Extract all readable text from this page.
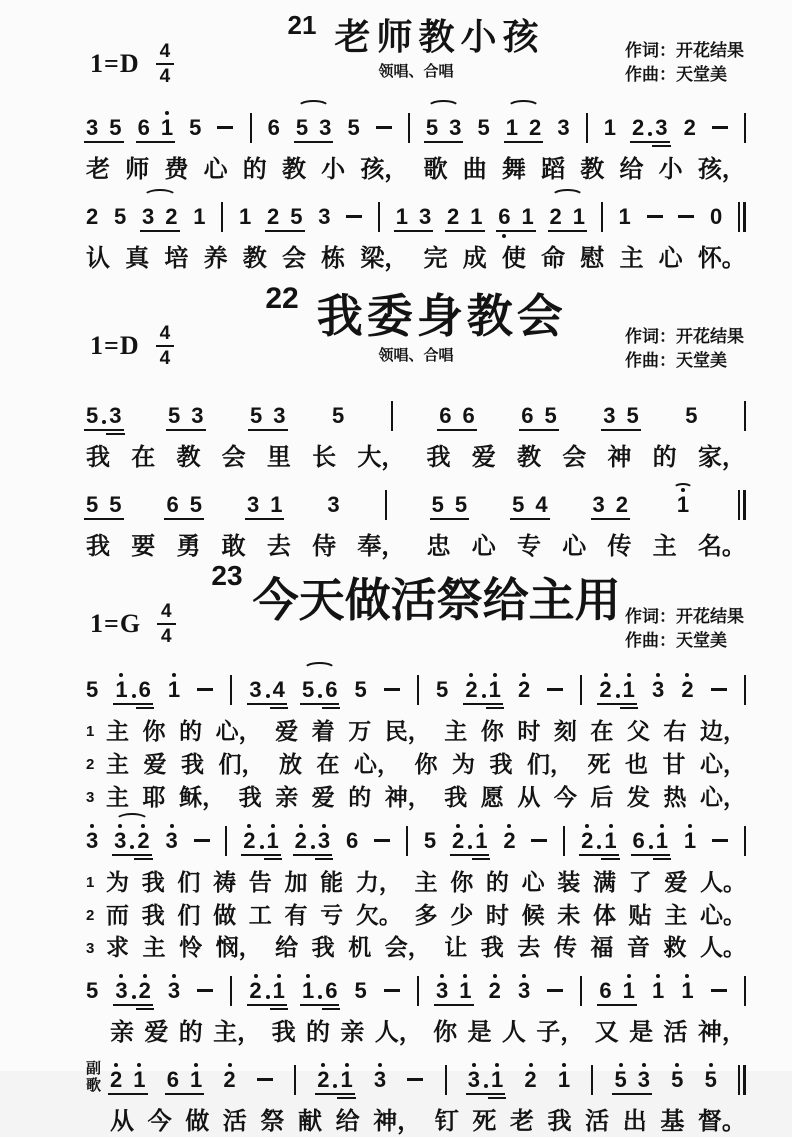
$1=D \frac{4}{4}$
21 老师教小孩
领唱、合唱
作词：开花结果
作曲：天堂美
3 5 6 1 5	6 5 3 5	5 3 5 1 2 3 1 2 3 2
老 师 费 心 的 教 小 孩， 歌 曲 舞 蹈 教 给 小 孩，
2 5 3 2 1 1 2 5 3	1 3 2 1 6 1 2 1 1	0
认 真 培 养 教 会 栋 梁， 完 成 使 命 慰 主 心 怀。
$1=D \frac{4}{4}$
22 我委身教会
领唱、合唱
作词：开花结果
作曲：天堂美
5 3 5 3 5 3 5	6 6 6 5 3 5 5
我 在 教 会 里 长 大， 我 爱 教 会 神 的 家，
5 5 6 5 3 1 3	5 5 5 4 3 2 1
我 要 勇 敢 去 侍 奉， 忠 心 专 心 传 主 名。
$1=G \frac{4}{4}$
23 今天做活祭给主用 作词：开花结果
作曲：天堂美
5 1 6 1	3 4 5 6 5	5 2 1 2	2 1 3 2
1 主 你 的 心， 爱 着 万 民， 主 你 时 刻 在 父 右 边，
2 主 爱 我 们， 放 在 心， 你 为 我 们， 死 也 甘 心，
3 主 耶 稣， 我 亲 爱 的 神， 我 愿 从 今 后 发 热 心，
3 3 2 3	2 1 2 3 6	5 2 1 2	2 1 6 1 1
1 为 我 们 祷 告 加 能 力， 主 你 的 心 装 满 了 爱 人。
2 而 我 们 做 工 有 亏 欠。 多 少 时 候 未 体 贴 主 心。
3 求 主 怜 悯， 给 我 机 会， 让 我 去 传 福 音 救 人。
5 3 2 3	2 1 1 6 5	3 1 2 3	6 1 1 1
副
歌
亲 爱 的 主， 我 的 亲 人， 你 是 人 子， 又 是 活 神，
2 1 6 1 2	2 1 3	3 1 2 1 5 3 5 5
从 今 做 活 祭 献 给 神， 钉 死 老 我 活 出 基 督。
